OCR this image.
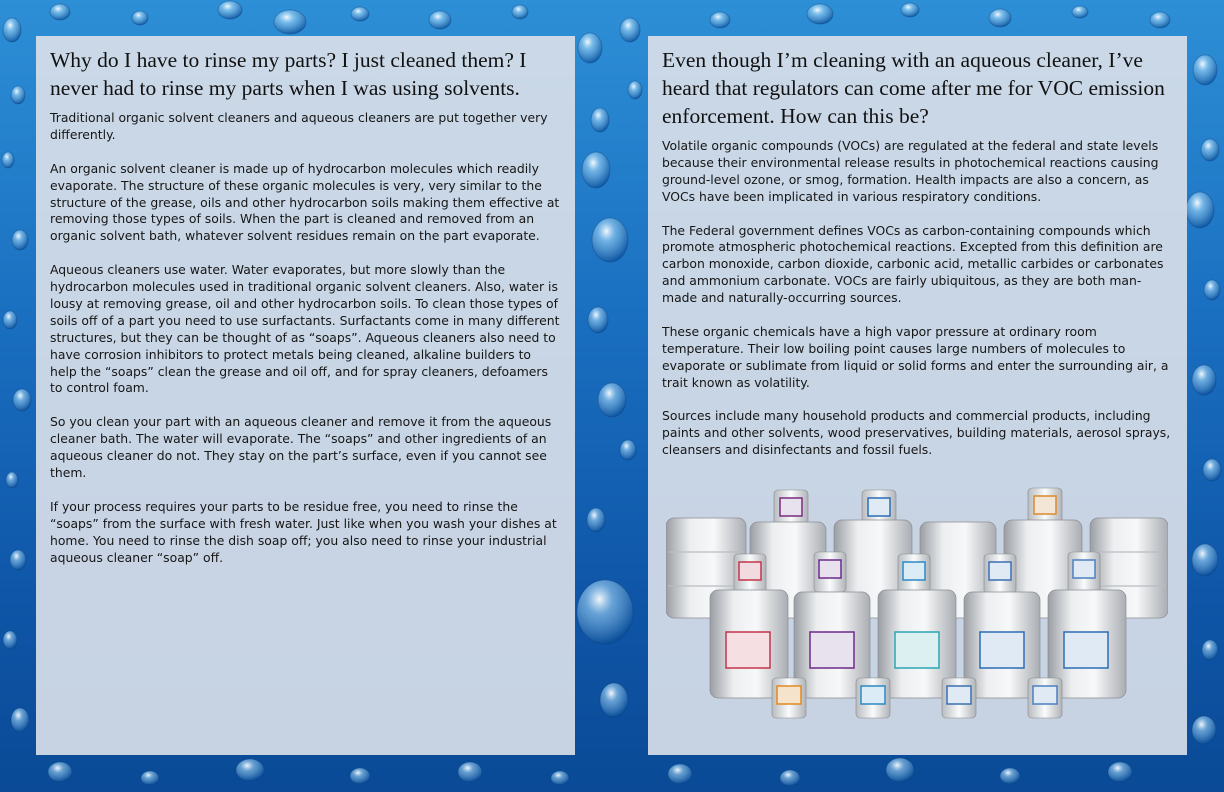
Why do I have to rinse my parts? I just cleaned them? I never had to rinse my parts when I was using solvents.

Traditional organic solvent cleaners and aqueous cleaners are put together very differently.

An organic solvent cleaner is made up of hydrocarbon molecules which readily evaporate. The structure of these organic molecules is very, very similar to the structure of the grease, oils and other hydrocarbon soils making them effective at removing those types of soils. When the part is cleaned and removed from an organic solvent bath, whatever solvent residues remain on the part evaporate.

Aqueous cleaners use water. Water evaporates, but more slowly than the hydrocarbon molecules used in traditional organic solvent cleaners. Also, water is lousy at removing grease, oil and other hydrocarbon soils. To clean those types of soils off of a part you need to use surfactants. Surfactants come in many different structures, but they can be thought of as “soaps”. Aqueous cleaners also need to have corrosion inhibitors to protect metals being cleaned, alkaline builders to help the “soaps” clean the grease and oil off, and for spray cleaners, defoamers to control foam.

So you clean your part with an aqueous cleaner and remove it from the aqueous cleaner bath. The water will evaporate. The “soaps” and other ingredients of an aqueous cleaner do not. They stay on the part’s surface, even if you cannot see them.

If your process requires your parts to be residue free, you need to rinse the “soaps” from the surface with fresh water. Just like when you wash your dishes at home. You need to rinse the dish soap off; you also need to rinse your industrial aqueous cleaner “soap” off.

Even though I’m cleaning with an aqueous cleaner, I’ve heard that regulators can come after me for VOC emission enforcement. How can this be?

Volatile organic compounds (VOCs) are regulated at the federal and state levels because their environmental release results in photochemical reactions causing ground-level ozone, or smog, formation. Health impacts are also a concern, as VOCs have been implicated in various respiratory conditions.

The Federal government defines VOCs as carbon-containing compounds which promote atmospheric photochemical reactions. Excepted from this definition are carbon monoxide, carbon dioxide, carbonic acid, metallic carbides or carbonates and ammonium carbonate. VOCs are fairly ubiquitous, as they are both man-made and naturally-occurring sources.

These organic chemicals have a high vapor pressure at ordinary room temperature. Their low boiling point causes large numbers of molecules to evaporate or sublimate from liquid or solid forms and enter the surrounding air, a trait known as volatility.

Sources include many household products and commercial products, including paints and other solvents, wood preservatives, building materials, aerosol sprays, cleansers and disinfectants and fossil fuels.
